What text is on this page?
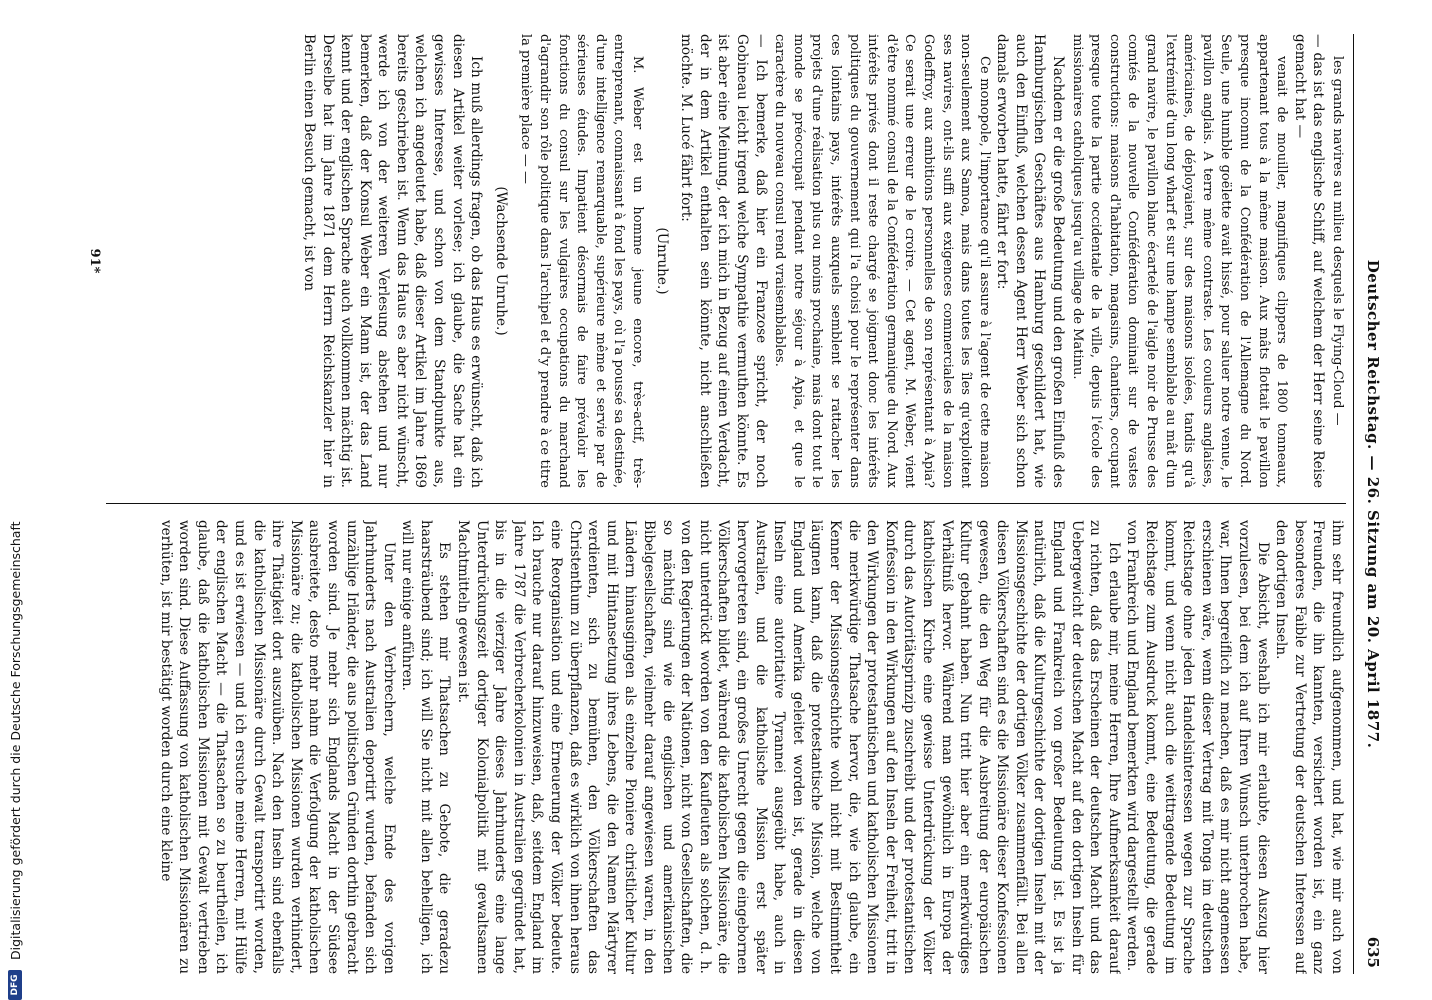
Deutscher Reichstag. — 26. Sitzung am 20. April 1877.
635

les grands navires au milieu desquels le Flying-Cloud —

— das ist das englische Schiff, auf welchem der Herr seine Reise gemacht hat —

venait de mouiller, magnifiques clippers de 1800 tonneaux, appartenant tous à la même maison. Aux mâts flottait le pavillon presque inconnu de la Confédération de l'Allemagne du Nord. Seule, une humble goëlette avait hissé, pour saluer notre venue, le pavillon anglais. A terre même contraste. Les couleurs anglaises, américaines, de déployaient, sur des maisons isolées, tandis qu'à l'extrémité d'un long wharf et sur une hampe semblable au mât d'un grand navire, le pavillon blanc écartelé de l'aigle noir de Prusse des comtés de la nouvelle Confédération dominait sur de vastes constructions: maisons d'habitation, magasins, chantiers, occupant presque toute la partie occidentale de la ville, depuis l'école des missionaires catholiques jusqu'au village de Matinu.

Nachdem er die große Bedeutung und den großen Einfluß des Hamburgischen Geschäftes aus Hamburg geschildert hat, wie auch den Einfluß, welchen dessen Agent Herr Weber sich schon damals erworben hatte, fährt er fort:

Ce monopole, l'importance qu'il assure à l'agent de cette maison non-seulement aux Samoa, mais dans toutes les îles qu'exploitent ses navires, ont-ils suffi aux exigences commerciales de la maison Godeffroy, aux ambitions personnelles de son représentant à Apia? Ce serait une erreur de le croire. — Cet agent, M. Weber, vient d'être nommé consul de la Confédération germanique du Nord. Aux intérêts privés dont il reste chargé se joignent donc les intérêts politiques du gouvernement qui l'a choisi pour le représenter dans ces lointains pays, intérêts auxquels semblent se rattacher les projets d'une réalisation plus ou moins prochaine, mais dont tout le monde se préoccupait pendant notre séjour à Apia, et que le caractère du nouveau consul rend vraisemblables.

— Ich bemerke, daß hier ein Franzose spricht, der noch Gobineau leicht irgend welche Sympathie vermuthen könnte. Es ist aber eine Meinung, der ich mich in Bezug auf einen Verdacht, der in dem Artikel enthalten sein könnte, nicht anschließen möchte. M. Lucé fährt fort:

(Unruhe.)

M. Weber est un homme jeune encore, très-actif, très-entreprenant, connaissant à fond les pays, où l'a poussé sa destinée, d'une intelligence remarquable, supérieure même et servie par de sérieuses études. Impatient désormais de faire prévaloir les fonctions du consul sur les vulgaires occupations du marchand d'agrandir son rôle politique dans l'archipel et d'y prendre à ce titre la première place — —

(Wachsende Unruhe.)

Ich muß allerdings fragen, ob das Haus es erwünscht, daß ich diesen Artikel weiter vorlese; ich glaube, die Sache hat ein gewisses Interesse, und schon von dem Standpunkte aus, welchen ich angedeutet habe, daß dieser Artikel im Jahre 1869 bereits geschrieben ist. Wenn das Haus es aber nicht wünscht, werde ich von der weiteren Verlesung abstehen und nur bemerken, daß der Konsul Weber ein Mann ist, der das Land kennt und der englischen Sprache auch vollkommen mächtig ist. Derselbe hat im Jahre 1871 dem Herrn Reichskanzler hier in Berlin einen Besuch gemacht, ist von

ihm sehr freundlich aufgenommen, und hat, wie mir auch von Freunden, die ihn kannten, versichert worden ist, ein ganz besonderes Faible zur Vertretung der deutschen Interessen auf den dortigen Inseln.

Die Absicht, weshalb ich mir erlaubte, diesen Auszug hier vorzulesen, bei dem ich auf Ihren Wunsch unterbrochen habe, war, Ihnen begreiflich zu machen, daß es mir nicht angemessen erschienen wäre, wenn dieser Vertrag mit Tonga im deutschen Reichstage ohne jeden Handelsinteressen wegen zur Sprache kommt, und wenn nicht auch die weittragende Bedeutung im Reichstage zum Ausdruck kommt, eine Bedeutung, die gerade von Frankreich und England bemerkten wird dargestellt werden.

Ich erlaube mir, meine Herren, Ihre Aufmerksamkeit darauf zu richten, daß das Erscheinen der deutschen Macht und das Uebergewicht der deutschen Macht auf den dortigen Inseln für England und Frankreich von großer Bedeutung ist. Es ist ja natürlich, daß die Kulturgeschichte der dortigen Inseln mit der Missionsgeschichte der dortigen Völker zusammenfällt. Bei allen diesen Völkerschaften sind es die Missionäre dieser Konfessionen gewesen, die den Weg für die Ausbreitung der europäischen Kultur gebahnt haben. Nun tritt hier aber ein merkwürdiges Verhältniß hervor. Während man gewöhnlich in Europa der katholischen Kirche eine gewisse Unterdrückung der Völker durch das Autoritätsprinzip zuschreibt und der protestantischen Konfession in den Wirkungen auf den Inseln der Freiheit, tritt in den Wirkungen der protestantischen und katholischen Missionen die merkwürdige Thatsache hervor, die, wie ich glaube, ein Kenner der Missionsgeschichte wohl nicht mit Bestimmtheit läugnen kann, daß die protestantische Mission, welche von England und Amerika geleitet worden ist, gerade in diesen Inseln eine autoritative Tyrannei ausgeübt habe, auch in Australien, und die katholische Mission erst später hervorgetreten sind, ein großes Unrecht gegen die eingebornen Völkerschaften bildet, während die katholischen Missionäre, die nicht unterdrückt worden von den Kaufleuten als solchen, d. h. von den Regierungen der Nationen, nicht von Gesellschaften, die so mächtig sind wie die englischen und amerikanischen Bibelgesellschaften, vielmehr darauf angewiesen waren, in den Ländern hinausgingen als einzelne Pioniere christlicher Kultur und mit Hintansetzung ihres Lebens, die den Namen Märtyrer verdienten, sich zu bemühen, den Völkerschaften das Christenthum zu überpflanzen, daß es wirklich von ihnen heraus eine Reorganisation und eine Erneuerung der Völker bedeute. Ich brauche nur darauf hinzuweisen, daß, seitdem England im Jahre 1787 die Verbrecherkolonien in Australien gegründet hat, bis in die vierziger Jahre dieses Jahrhunderts eine lange Unterdrückungszeit dortiger Kolonialpolitik mit gewaltsamen Machtmitteln gewesen ist.

Es stehen mir Thatsachen zu Gebote, die geradezu haarsträubend sind; ich will Sie nicht mit allen behelligen, ich will nur einige anführen.

Unter den Verbrechern, welche Ende des vorigen Jahrhunderts nach Australien deportirt wurden, befanden sich unzählige Irländer, die aus politischen Gründen dorthin gebracht worden sind. Je mehr sich Englands Macht in der Südsee ausbreitete, desto mehr nahm die Verfolgung der katholischen Missionäre zu; die katholischen Missionen wurden verhindert, ihre Thätigkeit dort auszuüben. Nach den Inseln sind ebenfalls die katholischen Missionäre durch Gewalt transportirt worden, und es ist erwiesen — und ich ersuche meine Herren, mit Hülfe der englischen Macht — die Thatsachen so zu beurtheilen, ich glaube, daß die katholischen Missionen mit Gewalt vertrieben worden sind. Diese Auffassung von katholischen Missionären zu verhüten, ist mir bestätigt worden durch eine kleine

91*
DFG
Digitalisierung gefördert durch die Deutsche Forschungsgemeinschaft
